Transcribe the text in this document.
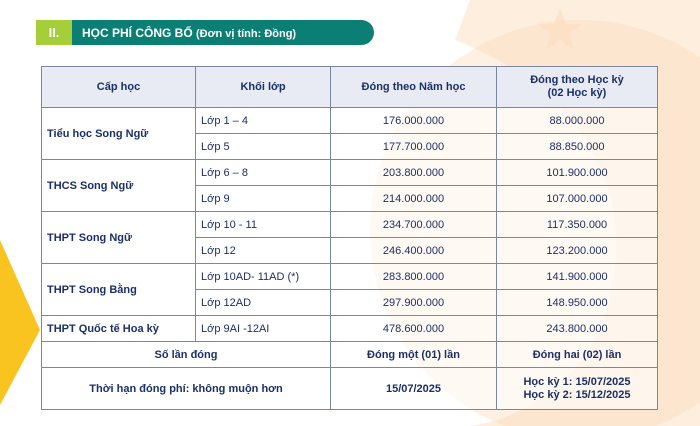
II.	HỌC PHÍ CÔNG BỐ (Đơn vị tính: Đồng)
Cấp học	Khối lớp	Đóng theo Năm học	Đóng theo Học kỳ
(02 Học kỳ)

Tiểu học Song Ngữ	Lớp 1 – 4	176.000.000	88.000.000
	Lớp 5	177.700.000	88.850.000
THCS Song Ngữ	Lớp 6 – 8	203.800.000	101.900.000
	Lớp 9	214.000.000	107.000.000
THPT Song Ngữ	Lớp 10 - 11	234.700.000	117.350.000
	Lớp 12	246.400.000	123.200.000
THPT Song Bằng	Lớp 10AD- 11AD (*)	283.800.000	141.900.000
	Lớp 12AD	297.900.000	148.950.000
THPT Quốc tế Hoa kỳ	Lớp 9AI -12AI	478.600.000	243.800.000
Số lần đóng		Đóng một (01) lần	Đóng hai (02) lần
Thời hạn đóng phí: không muộn hơn		15/07/2025	Học kỳ 1: 15/07/2025
Học kỳ 2: 15/12/2025
